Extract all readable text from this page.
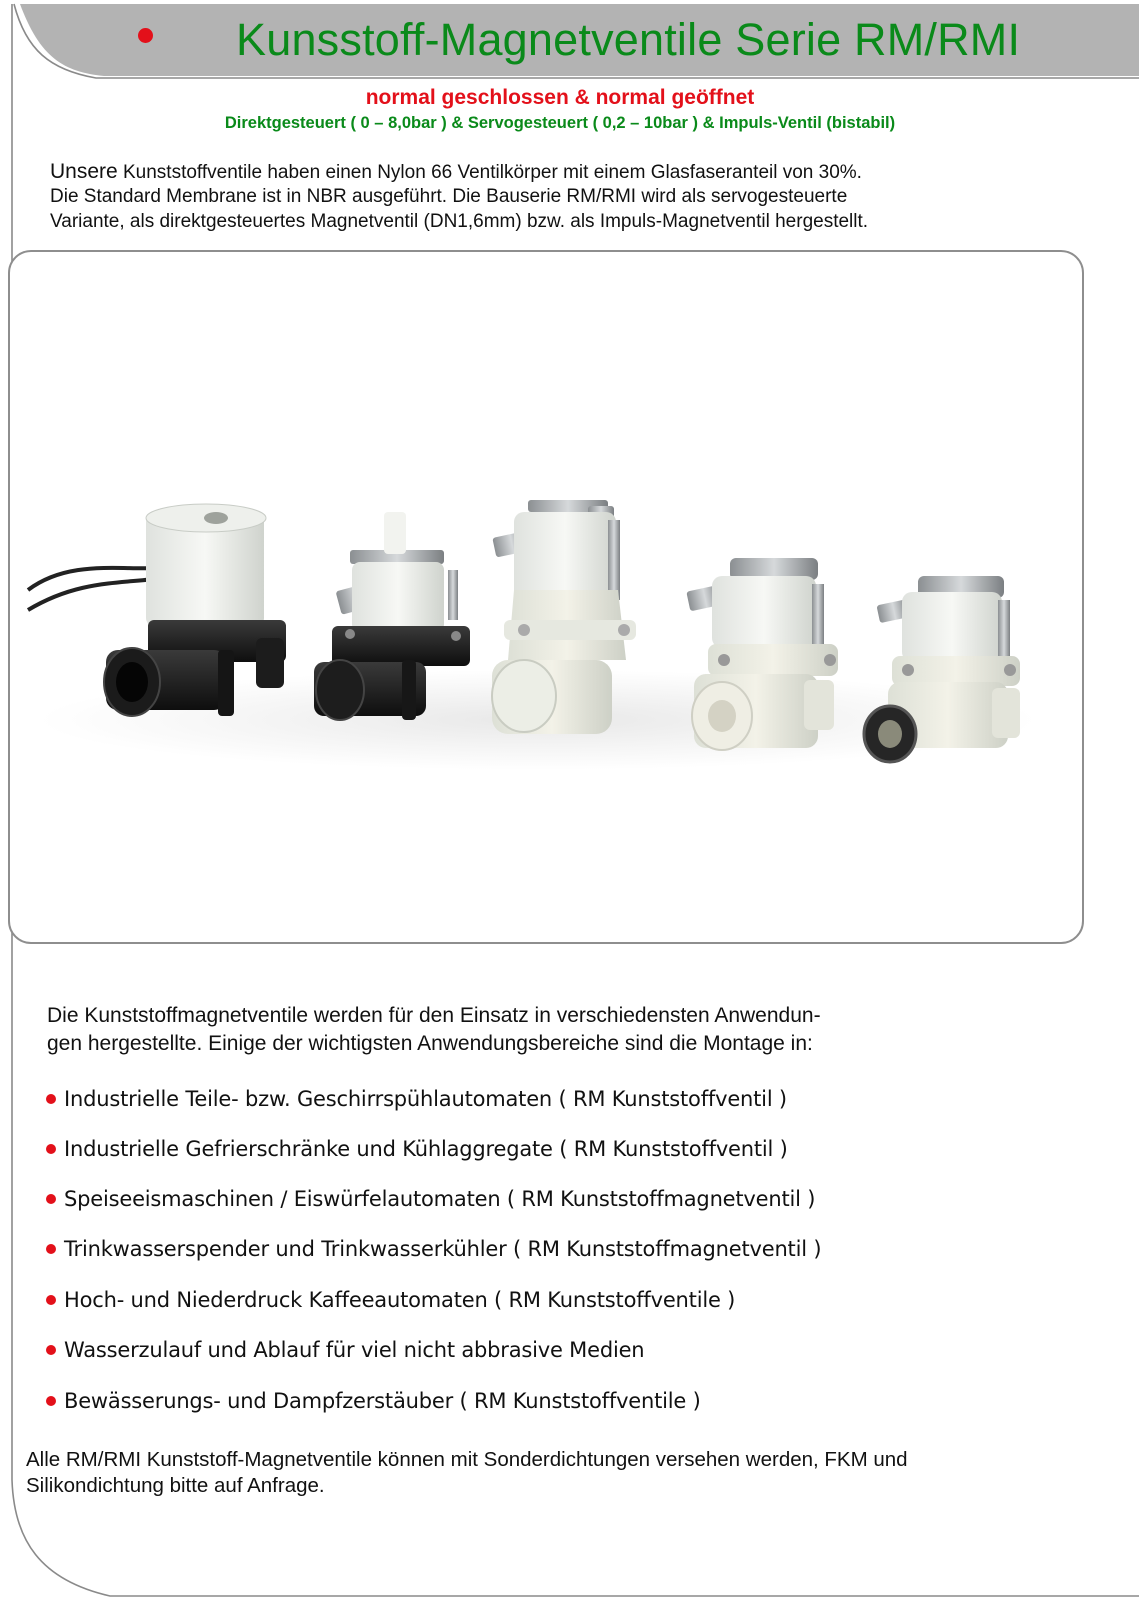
Kunsstoff-Magnetventile Serie RM/RMI
normal geschlossen & normal geöffnet
Direktgesteuert ( 0 – 8,0bar ) & Servogesteuert ( 0,2 – 10bar ) & Impuls-Ventil (bistabil)
Unsere Kunststoffventile haben einen Nylon 66 Ventilkörper mit einem Glasfaseranteil von 30%.
Die Standard Membrane ist in NBR ausgeführt. Die Bauserie RM/RMI wird als servogesteuerte
Variante, als direktgesteuertes Magnetventil (DN1,6mm) bzw. als Impuls-Magnetventil hergestellt.
Die Kunststoffmagnetventile werden für den Einsatz in verschiedensten Anwendun-
gen hergestellte. Einige der wichtigsten Anwendungsbereiche sind die Montage in:
Industrielle Teile- bzw. Geschirrspühlautomaten ( RM Kunststoffventil )
Industrielle Gefrierschränke und Kühlaggregate ( RM Kunststoffventil )
Speiseeismaschinen / Eiswürfelautomaten ( RM Kunststoffmagnetventil )
Trinkwasserspender und Trinkwasserkühler ( RM Kunststoffmagnetventil )
Hoch- und Niederdruck Kaffeeautomaten ( RM Kunststoffventile )
Wasserzulauf und Ablauf für viel nicht abbrasive Medien
Bewässerungs- und Dampfzerstäuber ( RM Kunststoffventile )
Alle RM/RMI Kunststoff-Magnetventile können mit Sonderdichtungen versehen werden, FKM und
Silikondichtung bitte auf Anfrage.
